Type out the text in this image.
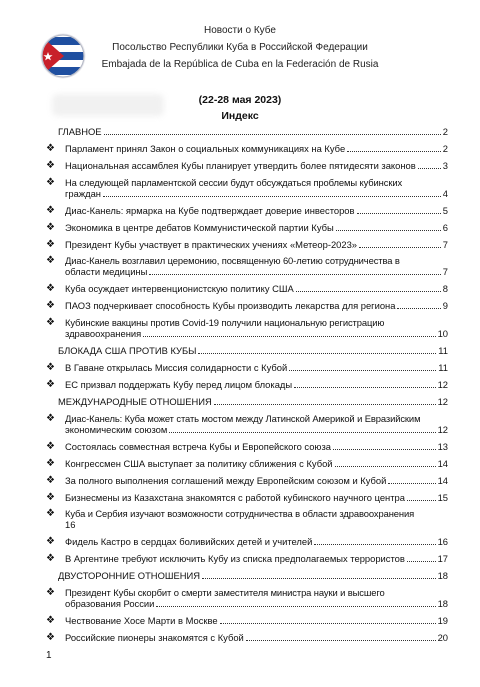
Новости о Кубе
Посольство Республики Куба в Российской Федерации
Embajada de la República de Cuba en la Federación de Rusia
(22-28 мая 2023)
Индекс
ГЛАВНОЕ	2
❖	Парламент принял Закон о социальных коммуникациях на Кубе	2
❖	Национальная ассамблея Кубы планирует утвердить более пятидесяти законов	3
❖	На следующей парламентской сессии будут обсуждаться проблемы кубинских
граждан	4
❖	Диас-Канель: ярмарка на Кубе подтверждает доверие инвесторов	5
❖	Экономика в центре дебатов Коммунистической партии Кубы	6
❖	Президент Кубы участвует в практических учениях «Метеор-2023»	7
❖	Диас-Канель возглавил церемонию, посвященную 60-летию сотрудничества в
области медицины	7
❖	Куба осуждает интервенционистскую политику США	8
❖	ПАОЗ подчеркивает способность Кубы производить лекарства для региона	9
❖	Кубинские вакцины против Covid-19 получили национальную регистрацию
здравоохранения	10
БЛОКАДА США ПРОТИВ КУБЫ	11
❖	В Гаване открылась Миссия солидарности с Кубой	11
❖	ЕС призвал поддержать Кубу перед лицом блокады	12
МЕЖДУНАРОДНЫЕ ОТНОШЕНИЯ	12
❖	Диас-Канель: Куба может стать мостом между Латинской Америкой и Евразийским
экономическим союзом	12
❖	Состоялась совместная встреча Кубы и Европейского союза	13
❖	Конгрессмен США выступает за политику сближения с Кубой	14
❖	За полного выполнения соглашений между Европейским союзом и Кубой	14
❖	Бизнесмены из Казахстана знакомятся с работой кубинского научного центра	15
❖	Куба и Сербия изучают возможности сотрудничества в области здравоохранения
16
❖	Фидель Кастро в сердцах боливийских детей и учителей	16
❖	В Аргентине требуют исключить Кубу из списка предполагаемых террористов	17
ДВУСТОРОННИЕ ОТНОШЕНИЯ	18
❖	Президент Кубы скорбит о смерти заместителя министра науки и высшего
образования России	18
❖	Чествование Хосе Марти в Москве	19
❖	Российские пионеры знакомятся с Кубой	20
1
